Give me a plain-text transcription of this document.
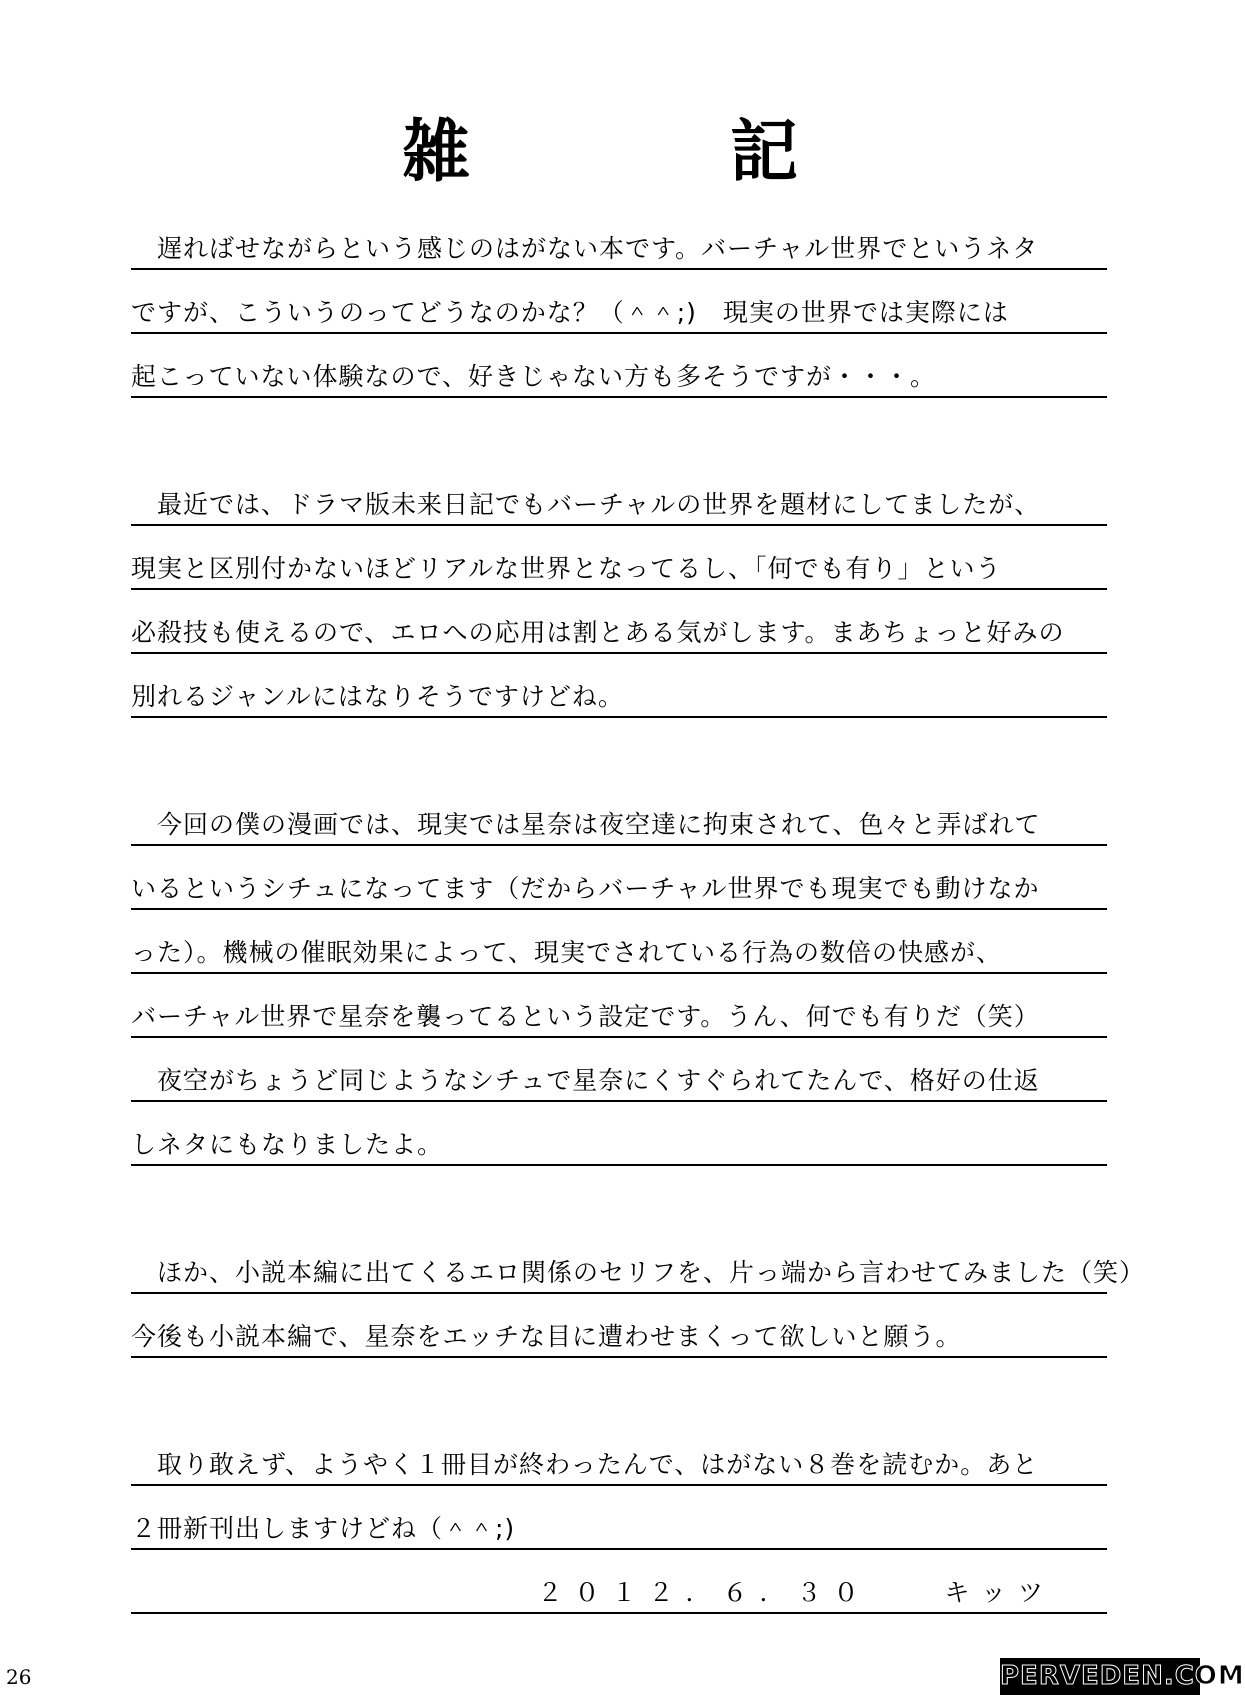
雑　記
　遅ればせながらという感じのはがない本です。バーチャル世界でというネタ
ですが、こういうのってどうなのかな？（＾＾;)　現実の世界では実際には
起こっていない体験なので、好きじゃない方も多そうですが・・・。
　最近では、ドラマ版未来日記でもバーチャルの世界を題材にしてましたが、
現実と区別付かないほどリアルな世界となってるし、「何でも有り」という
必殺技も使えるので、エロへの応用は割とある気がします。まあちょっと好みの
別れるジャンルにはなりそうですけどね。
　今回の僕の漫画では、現実では星奈は夜空達に拘束されて、色々と弄ばれて
いるというシチュになってます（だからバーチャル世界でも現実でも動けなか
った）。機械の催眠効果によって、現実でされている行為の数倍の快感が、
バーチャル世界で星奈を襲ってるという設定です。うん、何でも有りだ（笑）
　夜空がちょうど同じようなシチュで星奈にくすぐられてたんで、格好の仕返
しネタにもなりましたよ。
　ほか、小説本編に出てくるエロ関係のセリフを、片っ端から言わせてみました（笑）
今後も小説本編で、星奈をエッチな目に遭わせまくって欲しいと願う。
　取り敢えず、ようやく１冊目が終わったんで、はがない８巻を読むか。あと
２冊新刊出しますけどね（＾＾;)
２０１２．６．３０　　キッツ
26	PERVEDEN.COM
